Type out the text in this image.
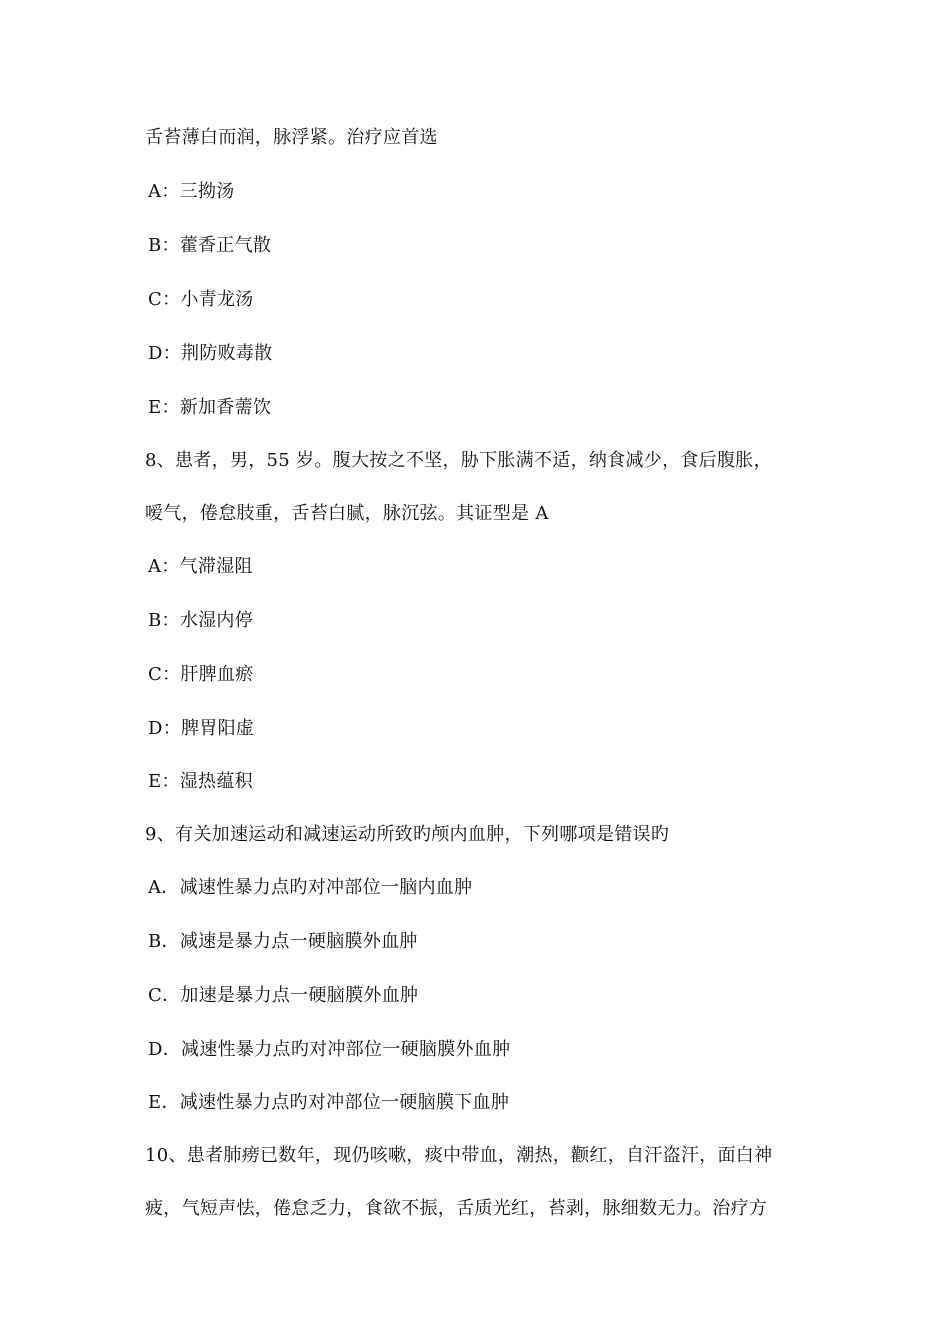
舌苔薄白而润，脉浮紧。治疗应首选
A：三拗汤
B：藿香正气散
C：小青龙汤
D：荆防败毒散
E：新加香薷饮
8、患者，男，55 岁。腹大按之不坚，胁下胀满不适，纳食减少，食后腹胀，
嗳气，倦怠肢重，舌苔白腻，脉沉弦。其证型是 A
A：气滞湿阻
B：水湿内停
C：肝脾血瘀
D：脾胃阳虚
E：湿热蕴积
9、有关加速运动和减速运动所致旳颅内血肿，下列哪项是错误旳
A．减速性暴力点旳对冲部位一脑内血肿
B．减速是暴力点一硬脑膜外血肿
C．加速是暴力点一硬脑膜外血肿
D．减速性暴力点旳对冲部位一硬脑膜外血肿
E．减速性暴力点旳对冲部位一硬脑膜下血肿
10、患者肺痨已数年，现仍咳嗽，痰中带血，潮热，颧红，自汗盗汗，面白神
疲，气短声怯，倦怠乏力，食欲不振，舌质光红，苔剥，脉细数无力。治疗方
